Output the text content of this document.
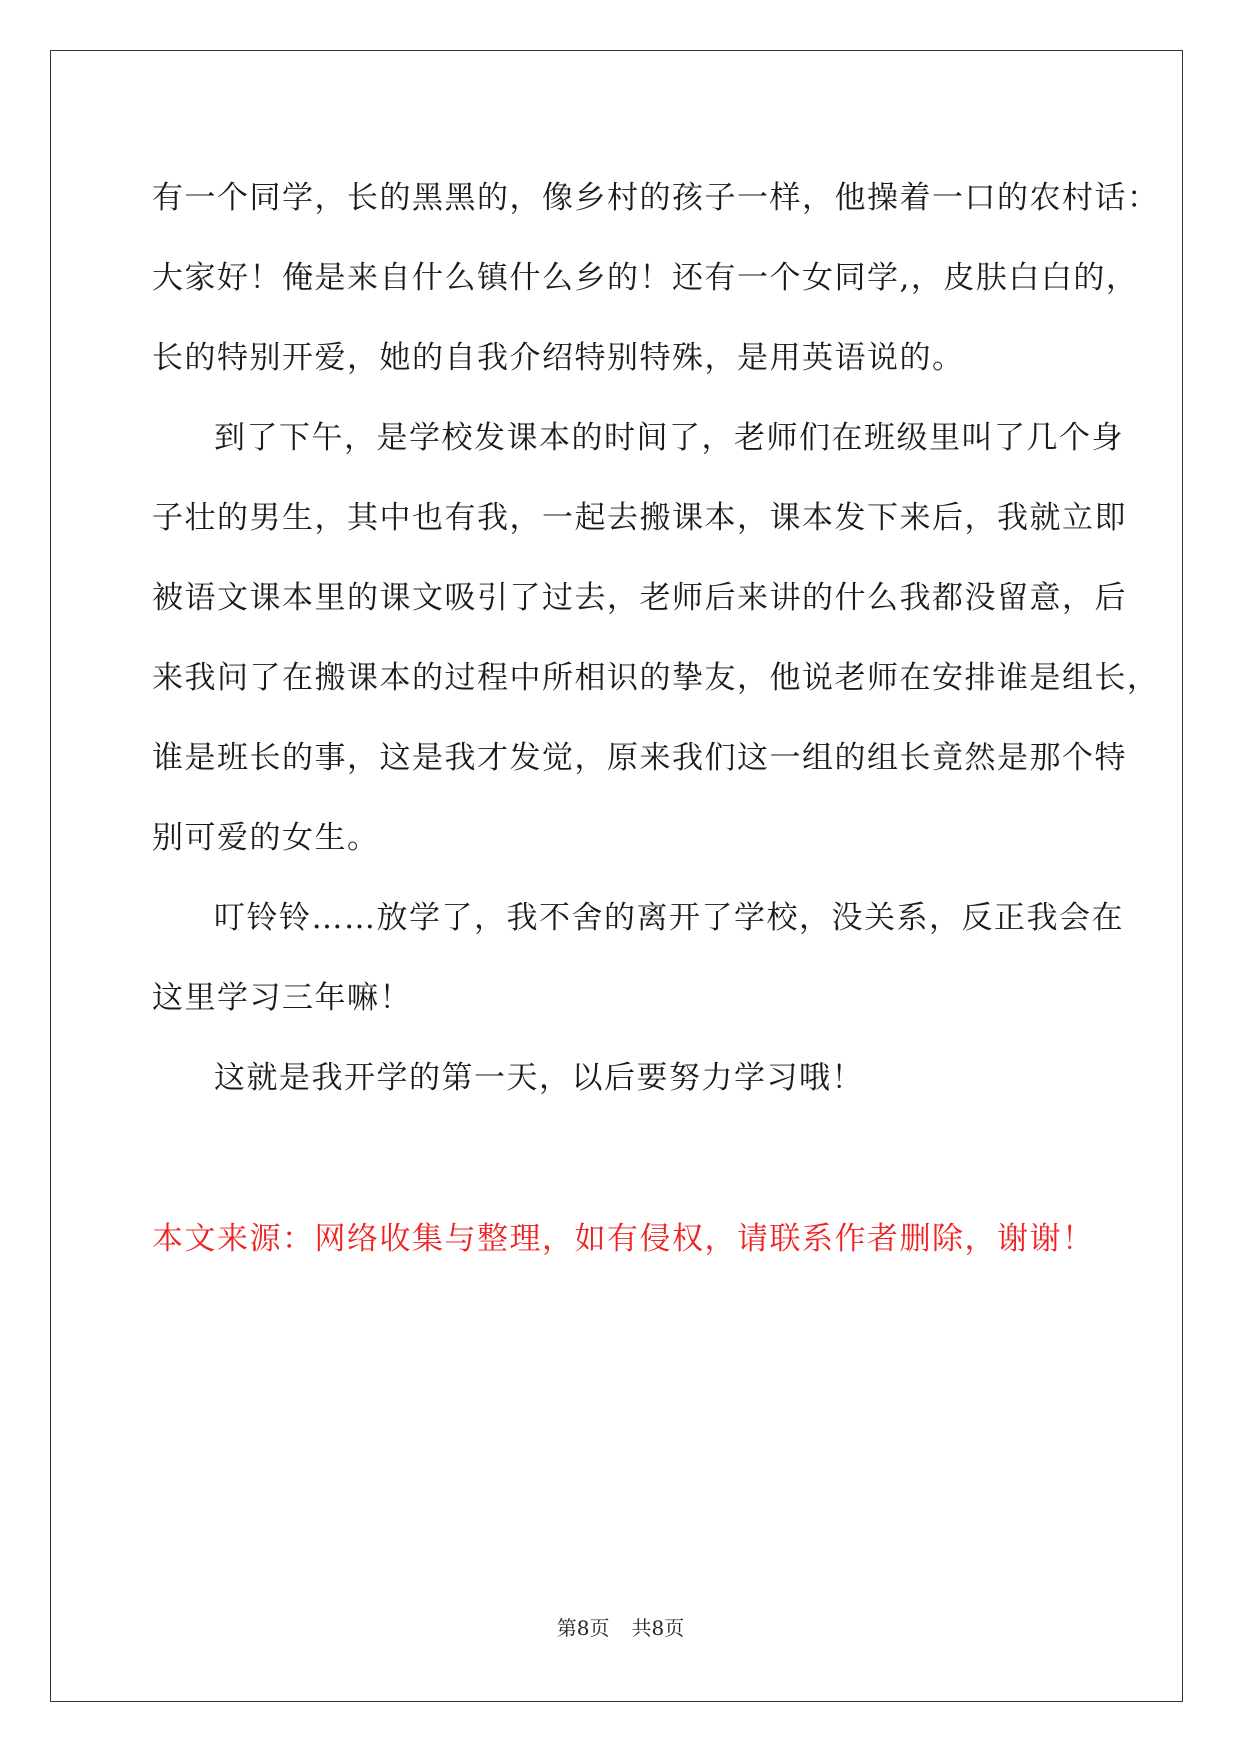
有一个同学，长的黑黑的，像乡村的孩子一样，他操着一口的农村话：
大家好！俺是来自什么镇什么乡的！还有一个女同学,，皮肤白白的，
长的特别开爱，她的自我介绍特别特殊，是用英语说的。
到了下午，是学校发课本的时间了，老师们在班级里叫了几个身
子壮的男生，其中也有我，一起去搬课本，课本发下来后，我就立即
被语文课本里的课文吸引了过去，老师后来讲的什么我都没留意，后
来我问了在搬课本的过程中所相识的挚友，他说老师在安排谁是组长，
谁是班长的事，这是我才发觉，原来我们这一组的组长竟然是那个特
别可爱的女生。
叮铃铃……放学了，我不舍的离开了学校，没关系，反正我会在
这里学习三年嘛！
这就是我开学的第一天，以后要努力学习哦！
本文来源：网络收集与整理，如有侵权，请联系作者删除，谢谢！
第8页 共8页
